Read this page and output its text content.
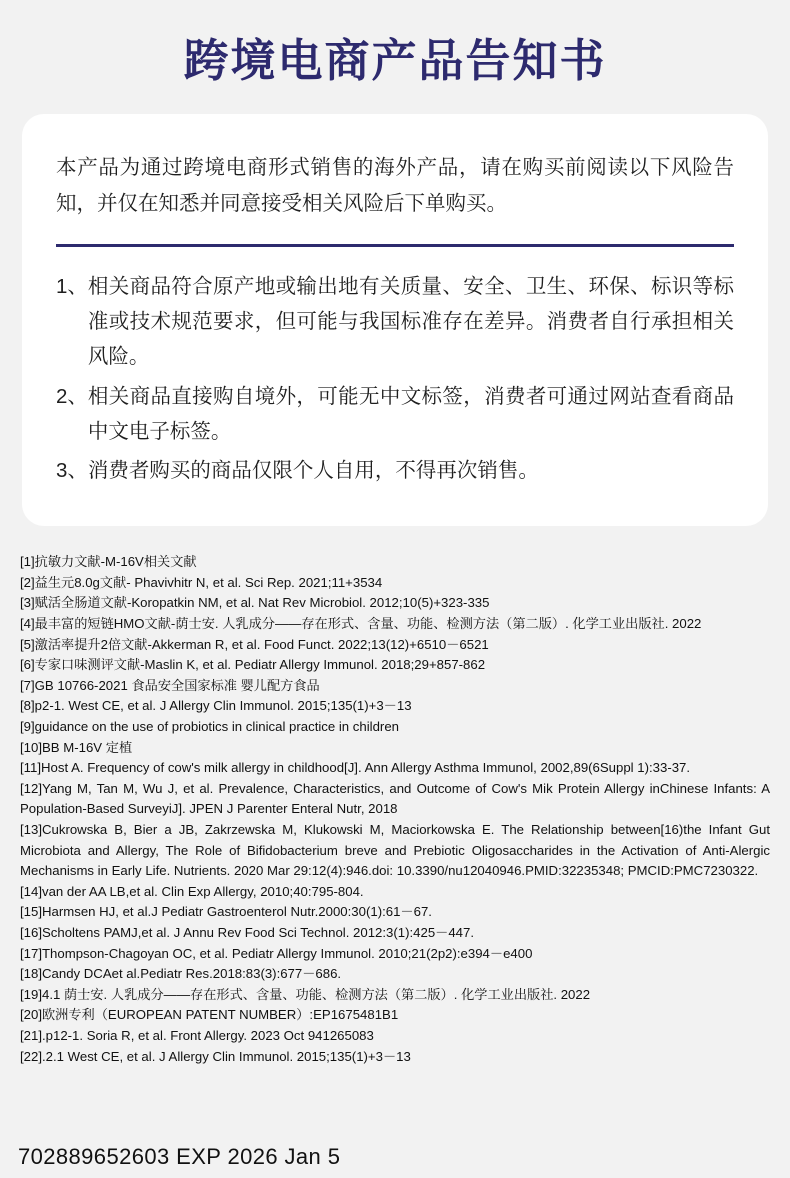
跨境电商产品告知书

本产品为通过跨境电商形式销售的海外产品，请在购买前阅读以下风险告知，并仅在知悉并同意接受相关风险后下单购买。

1、 相关商品符合原产地或输出地有关质量、安全、卫生、环保、标识等标准或技术规范要求，但可能与我国标准存在差异。消费者自行承担相关风险。
2、 相关商品直接购自境外，可能无中文标签，消费者可通过网站查看商品中文电子标签。
3、 消费者购买的商品仅限个人自用，不得再次销售。

[1]抗敏力文献-M-16V相关文献

[2]益生元8.0g文献- Phavivhitr N, et al. Sci Rep. 2021;11+3534

[3]赋活全肠道文献-Koropatkin NM, et al. Nat Rev Microbiol. 2012;10(5)+323-335

[4]最丰富的短链HMO文献-荫士安. 人乳成分——存在形式、含量、功能、检测方法（第二版）. 化学工业出版社. 2022

[5]激活率提升2倍文献-Akkerman R, et al. Food Funct. 2022;13(12)+6510－6521

[6]专家口味测评文献-Maslin K, et al. Pediatr Allergy Immunol. 2018;29+857-862

[7]GB 10766-2021 食品安全国家标准 婴儿配方食品

[8]p2-1. West CE, et al. J Allergy Clin Immunol. 2015;135(1)+3－13

[9]guidance on the use of probiotics in clinical practice in children

[10]BB M-16V 定植

[11]Host A. Frequency of cow's milk allergy in childhood[J]. Ann Allergy Asthma Immunol, 2002,89(6Suppl 1):33-37.

[12]Yang M, Tan M, Wu J, et al. Prevalence, Characteristics, and Outcome of Cow's Mik Protein Allergy inChinese Infants: A Population-Based SurveyiJ]. JPEN J Parenter Enteral Nutr, 2018

[13]Cukrowska B, Bier a JB, Zakrzewska M, Klukowski M, Maciorkowska E. The Relationship between[16)the Infant Gut Microbiota and Allergy, The Role of Bifidobacterium breve and Prebiotic Oligosaccharides in the Activation of Anti-Alergic Mechanisms in Early Life. Nutrients. 2020 Mar 29:12(4):946.doi: 10.3390/nu12040946.PMID:32235348; PMCID:PMC7230322.

[14]van der AA LB,et al. Clin Exp Allergy, 2010;40:795-804.

[15]Harmsen HJ, et al.J Pediatr Gastroenterol Nutr.2000:30(1):61－67.

[16]Scholtens PAMJ,et al. J Annu Rev Food Sci Technol. 2012:3(1):425－447.

[17]Thompson-Chagoyan OC, et al. Pediatr Allergy Immunol. 2010;21(2p2):e394－e400

[18]Candy DCAet al.Pediatr Res.2018:83(3):677－686.

[19]4.1 荫士安. 人乳成分——存在形式、含量、功能、检测方法（第二版）. 化学工业出版社. 2022

[20]欧洲专利（EUROPEAN PATENT NUMBER）:EP1675481B1

[21].p12-1. Soria R, et al. Front Allergy. 2023 Oct 941265083

[22].2.1 West CE, et al. J Allergy Clin Immunol. 2015;135(1)+3－13

702889652603 EXP 2026 Jan 5
